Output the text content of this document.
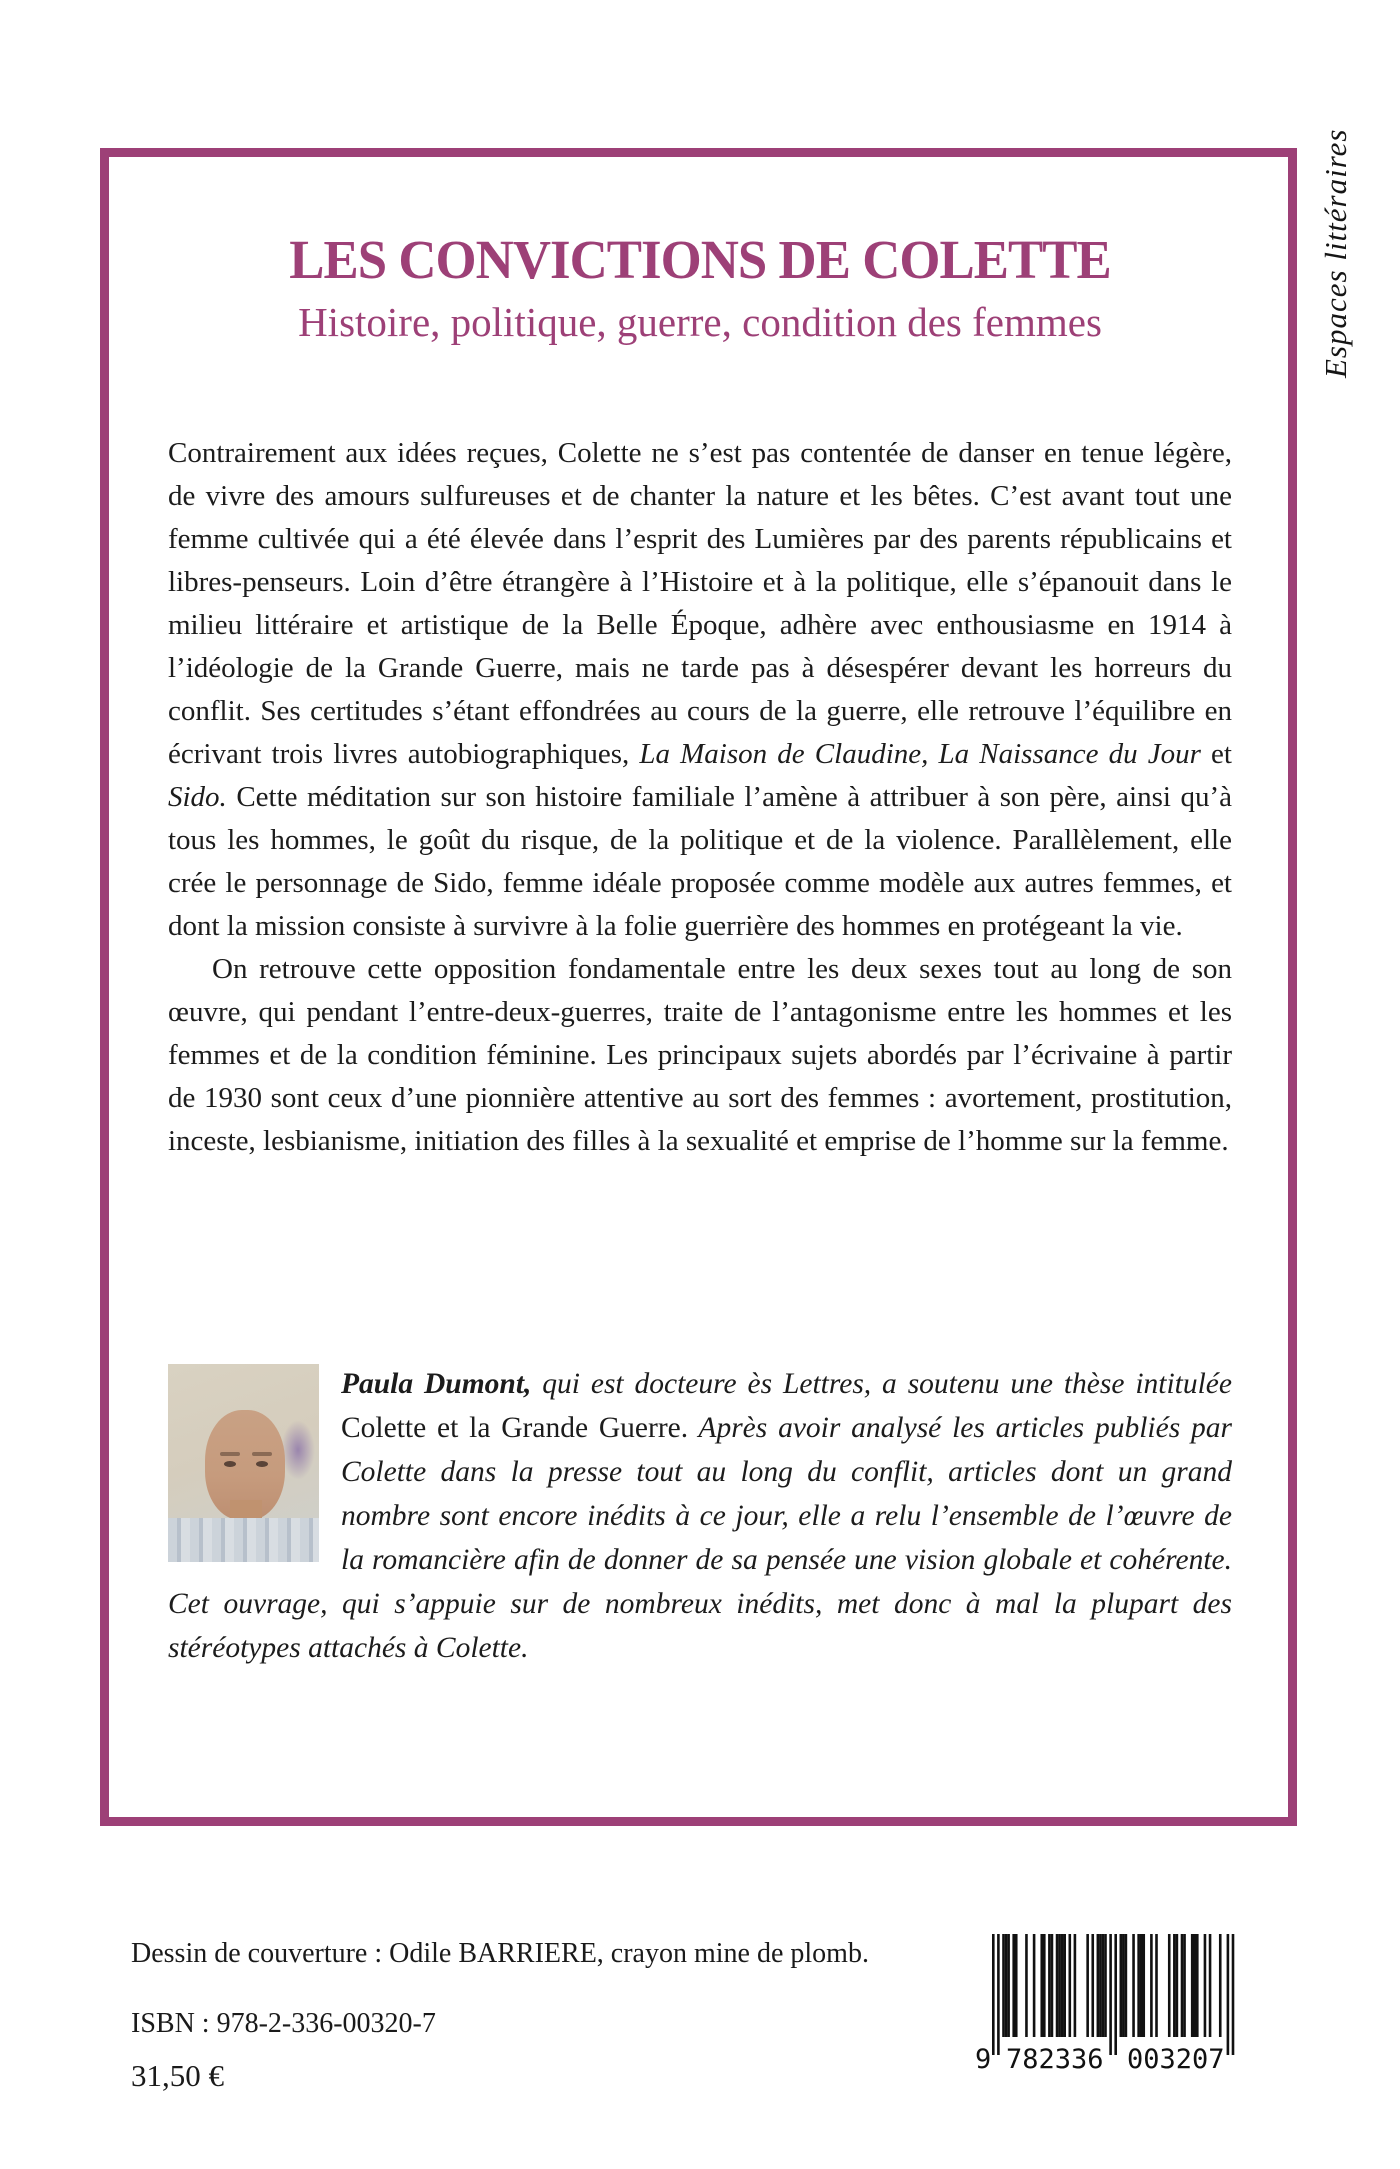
Espaces littéraires
LES CONVICTIONS DE COLETTE
Histoire, politique, guerre, condition des femmes

Contrairement aux idées reçues, Colette ne s’est pas contentée de danser en tenue légère, de vivre des amours sulfureuses et de chanter la nature et les bêtes. C’est avant tout une femme cultivée qui a été élevée dans l’esprit des Lumières par des parents républicains et libres-penseurs. Loin d’être étrangère à l’Histoire et à la politique, elle s’épanouit dans le milieu littéraire et artistique de la Belle Époque, adhère avec enthousiasme en 1914 à l’idéologie de la Grande Guerre, mais ne tarde pas à désespérer devant les horreurs du conflit. Ses certitudes s’étant effondrées au cours de la guerre, elle retrouve l’équilibre en écrivant trois livres autobiographiques, La Maison de Claudine, La Naissance du Jour et Sido. Cette méditation sur son histoire familiale l’amène à attribuer à son père, ainsi qu’à tous les hommes, le goût du risque, de la politique et de la violence. Parallèlement, elle crée le personnage de Sido, femme idéale proposée comme modèle aux autres femmes, et dont la mission consiste à survivre à la folie guerrière des hommes en protégeant la vie.

On retrouve cette opposition fondamentale entre les deux sexes tout au long de son œuvre, qui pendant l’entre-deux-guerres, traite de l’antagonisme entre les hommes et les femmes et de la condition féminine. Les principaux sujets abordés par l’écrivaine à partir de 1930 sont ceux d’une pionnière attentive au sort des femmes : avortement, prostitution, inceste, lesbianisme, initiation des filles à la sexualité et emprise de l’homme sur la femme.

Paula Dumont, qui est docteure ès Lettres, a soutenu une thèse intitulée Colette et la Grande Guerre. Après avoir analysé les articles publiés par Colette dans la presse tout au long du conflit, articles dont un grand nombre sont encore inédits à ce jour, elle a relu l’ensemble de l’œuvre de la romancière afin de donner de sa pensée une vision globale et cohérente. Cet ouvrage, qui s’appuie sur de nombreux inédits, met donc à mal la plupart des stéréotypes attachés à Colette.

Dessin de couverture : Odile BARRIERE, crayon mine de plomb.
ISBN : 978-2-336-00320-7
31,50 €	9 782336 003207
